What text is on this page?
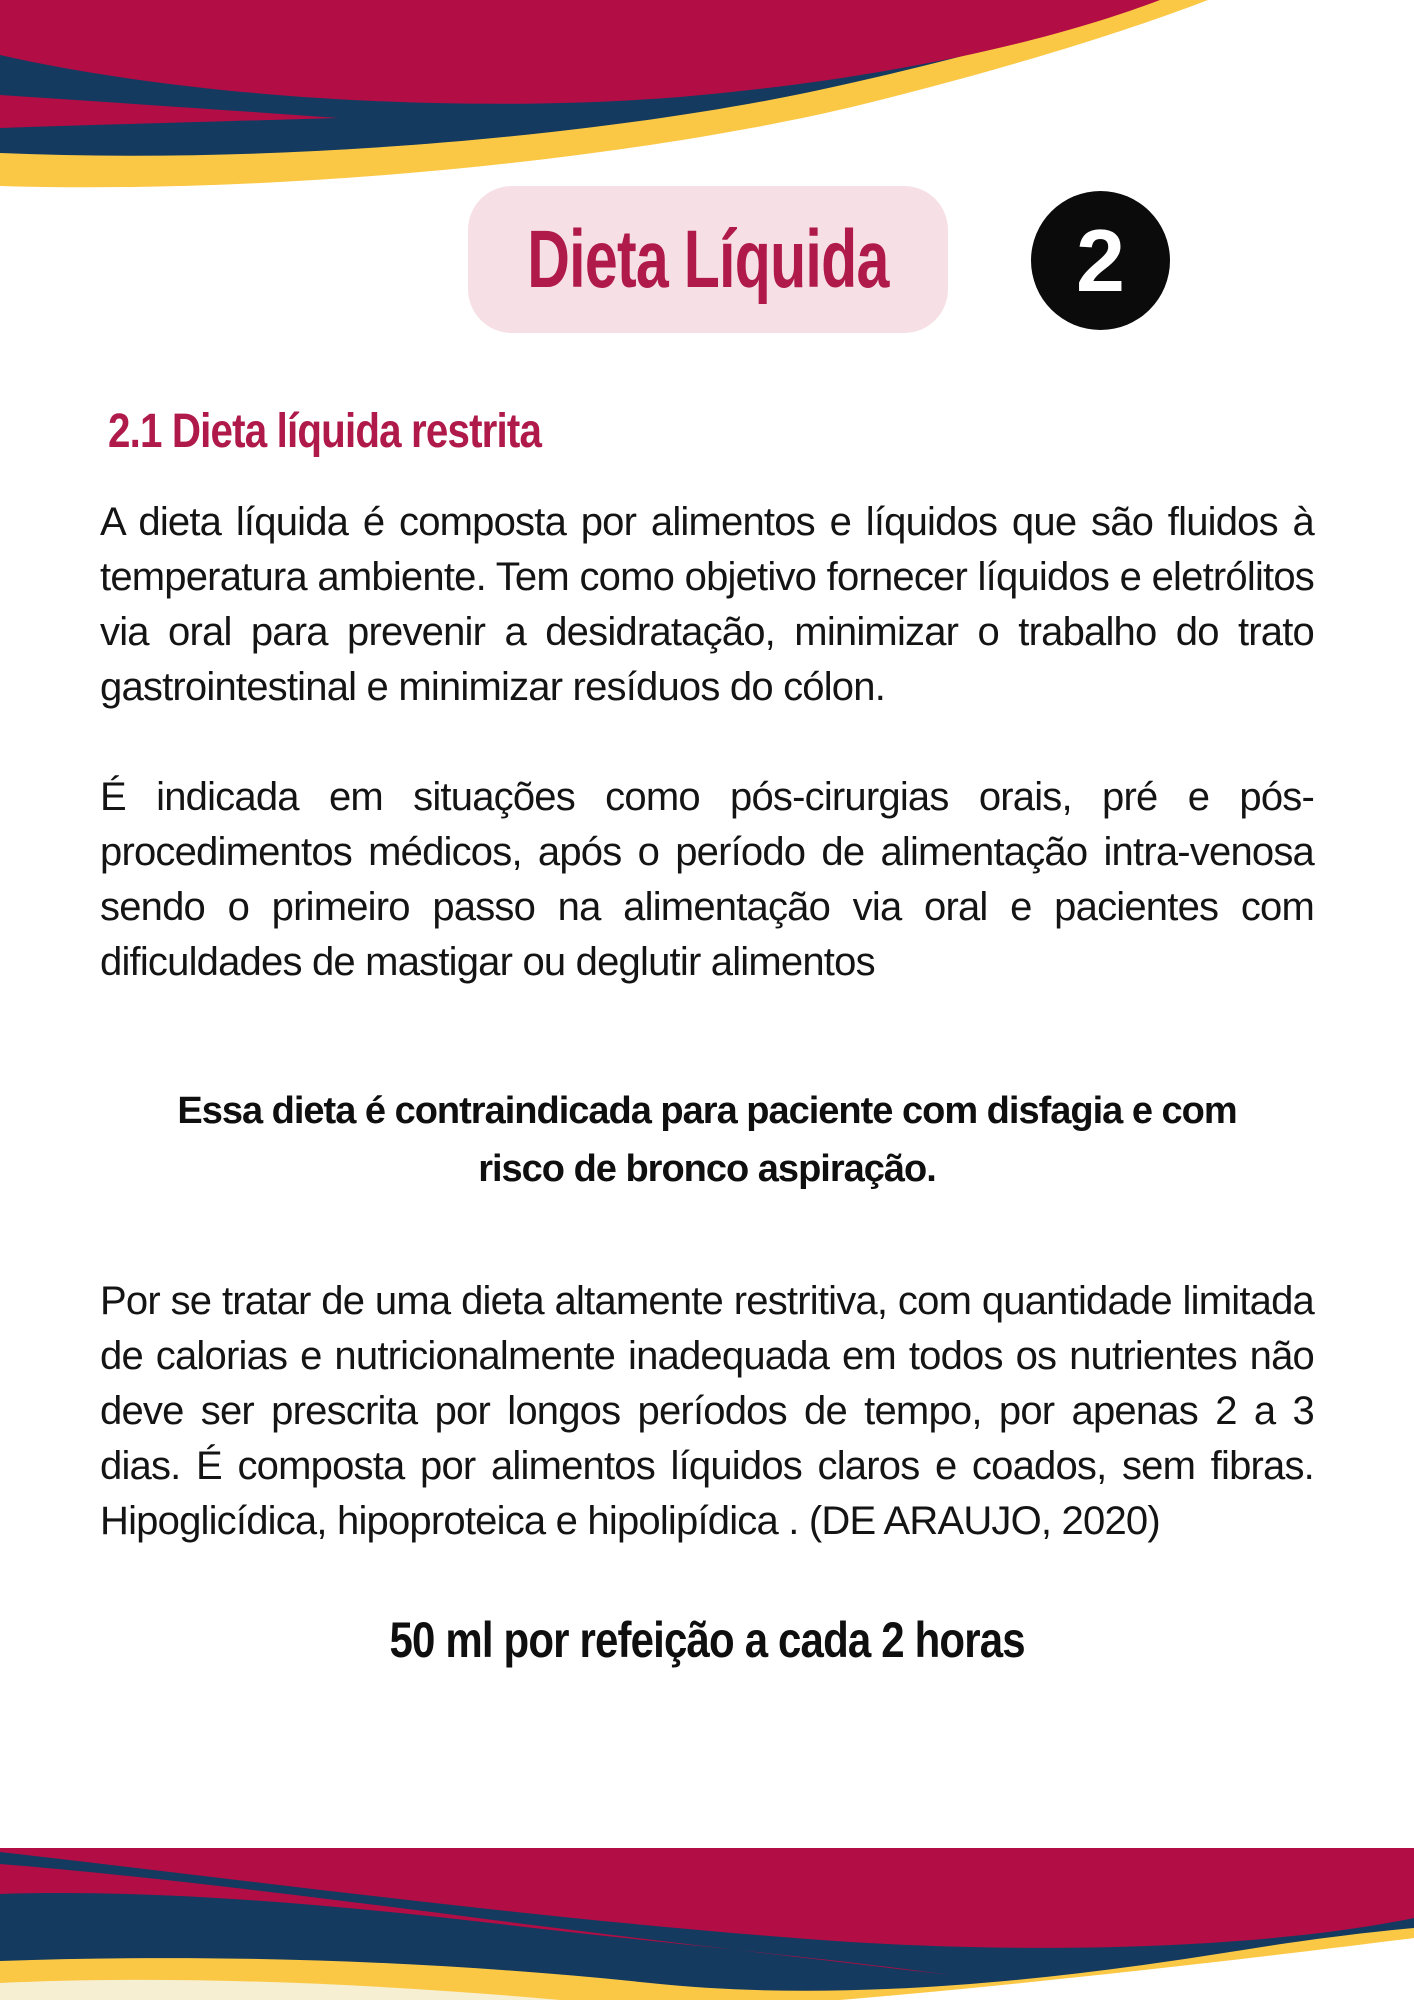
Dieta Líquida 2
2.1 Dieta líquida restrita

A dieta líquida é composta por alimentos e líquidos que são fluidos à temperatura ambiente. Tem como objetivo fornecer líquidos e eletrólitos via oral para prevenir a desidratação, minimizar o trabalho do trato gastrointestinal e minimizar resíduos do cólon.

É indicada em situações como pós-cirurgias orais, pré e pós-procedimentos médicos, após o período de alimentação intra-venosa sendo o primeiro passo na alimentação via oral e pacientes com dificuldades de mastigar ou deglutir alimentos

Essa dieta é contraindicada para paciente com disfagia e com risco de bronco aspiração.

Por se tratar de uma dieta altamente restritiva, com quantidade limitada de calorias e nutricionalmente inadequada em todos os nutrientes não deve ser prescrita por longos períodos de tempo, por apenas 2 a 3 dias. É composta por alimentos líquidos claros e coados, sem fibras. Hipoglicídica, hipoproteica e hipolipídica . (DE ARAUJO, 2020)

50 ml por refeição a cada 2 horas
